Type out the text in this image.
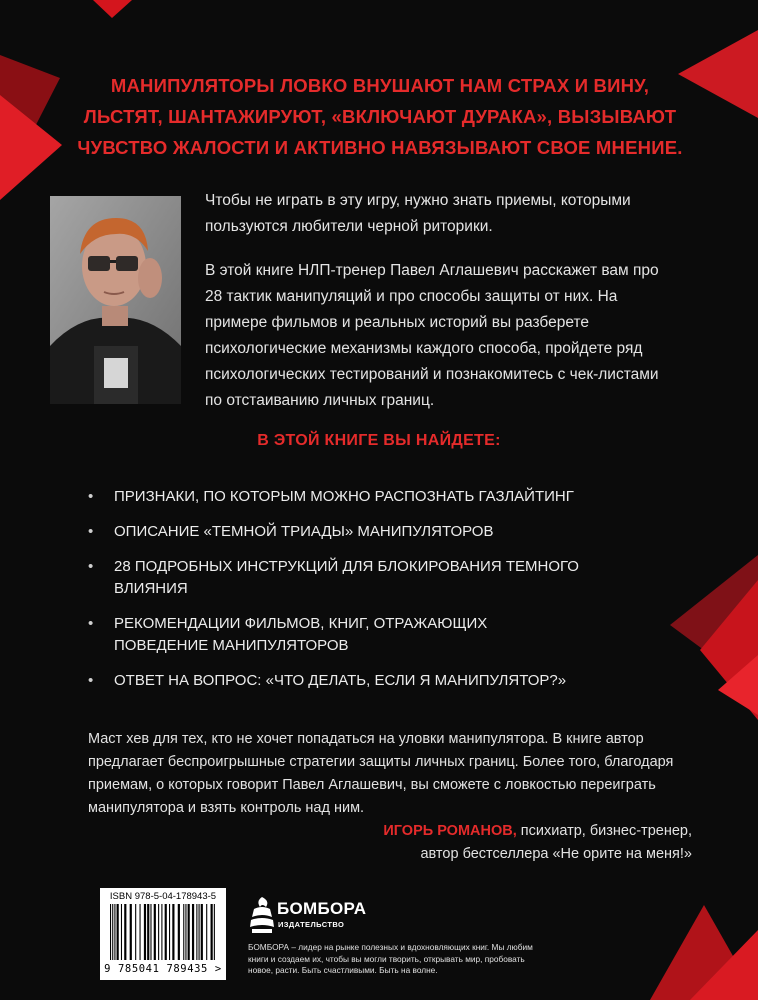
МАНИПУЛЯТОРЫ ЛОВКО ВНУШАЮТ НАМ СТРАХ И ВИНУ, ЛЬСТЯТ, ШАНТАЖИРУЮТ, «ВКЛЮЧАЮТ ДУРАКА», ВЫЗЫВАЮТ ЧУВСТВО ЖАЛОСТИ И АКТИВНО НАВЯЗЫВАЮТ СВОЕ МНЕНИЕ.

Чтобы не играть в эту игру, нужно знать приемы, которыми пользуются любители черной риторики.

В этой книге НЛП-тренер Павел Аглашевич расскажет вам про 28 тактик манипуляций и про способы защиты от них. На примере фильмов и реальных историй вы разберете психологические механизмы каждого способа, пройдете ряд психологических тестирований и познакомитесь с чек-листами по отстаиванию личных границ.

В ЭТОЙ КНИГЕ ВЫ НАЙДЕТЕ:
• ПРИЗНАКИ, ПО КОТОРЫМ МОЖНО РАСПОЗНАТЬ ГАЗЛАЙТИНГ
• ОПИСАНИЕ «ТЕМНОЙ ТРИАДЫ» МАНИПУЛЯТОРОВ
• 28 ПОДРОБНЫХ ИНСТРУКЦИЙ ДЛЯ БЛОКИРОВАНИЯ ТЕМНОГО ВЛИЯНИЯ
• РЕКОМЕНДАЦИИ ФИЛЬМОВ, КНИГ, ОТРАЖАЮЩИХ ПОВЕДЕНИЕ МАНИПУЛЯТОРОВ
• ОТВЕТ НА ВОПРОС: «ЧТО ДЕЛАТЬ, ЕСЛИ Я МАНИПУЛЯТОР?»
Маст хев для тех, кто не хочет попадаться на уловки манипулятора. В книге автор предлагает беспроигрышные стратегии защиты личных границ. Более того, благодаря приемам, о которых говорит Павел Аглашевич, вы сможете с ловкостью переиграть манипулятора и взять контроль над ним.
ИГОРЬ РОМАНОВ, психиатр, бизнес-тренер,
автор бестселлера «Не орите на меня!»
ISBN 978-5-04-178943-5
9 785041 789435 >
БОМБОРА
ИЗДАТЕЛЬСТВО
БОМБОРА – лидер на рынке полезных и вдохновляющих книг. Мы любим книги и создаем их, чтобы вы могли творить, открывать мир, пробовать новое, расти. Быть счастливыми. Быть на волне.
